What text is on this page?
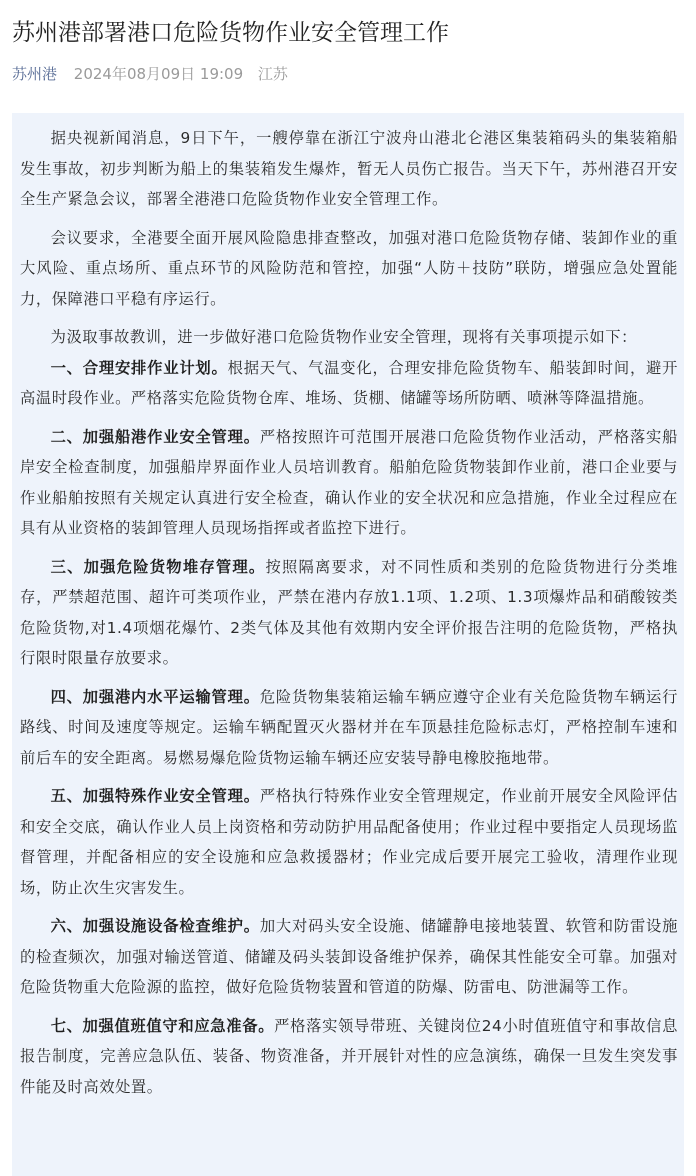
苏州港部署港口危险货物作业安全管理工作
苏州港 2024年08月09日 19:09 江苏

据央视新闻消息，9日下午，一艘停靠在浙江宁波舟山港北仑港区集装箱码头的集装箱船发生事故，初步判断为船上的集装箱发生爆炸，暂无人员伤亡报告。当天下午，苏州港召开安全生产紧急会议，部署全港港口危险货物作业安全管理工作。

会议要求，全港要全面开展风险隐患排查整改，加强对港口危险货物存储、装卸作业的重大风险、重点场所、重点环节的风险防范和管控，加强“人防＋技防”联防，增强应急处置能力，保障港口平稳有序运行。

为汲取事故教训，进一步做好港口危险货物作业安全管理，现将有关事项提示如下：

一、合理安排作业计划。根据天气、气温变化，合理安排危险货物车、船装卸时间，避开高温时段作业。严格落实危险货物仓库、堆场、货棚、储罐等场所防晒、喷淋等降温措施。

二、加强船港作业安全管理。严格按照许可范围开展港口危险货物作业活动，严格落实船岸安全检查制度，加强船岸界面作业人员培训教育。船舶危险货物装卸作业前，港口企业要与作业船舶按照有关规定认真进行安全检查，确认作业的安全状况和应急措施，作业全过程应在具有从业资格的装卸管理人员现场指挥或者监控下进行。

三、加强危险货物堆存管理。按照隔离要求，对不同性质和类别的危险货物进行分类堆存，严禁超范围、超许可类项作业，严禁在港内存放1.1项、1.2项、1.3项爆炸品和硝酸铵类危险货物,对1.4项烟花爆竹、2类气体及其他有效期内安全评价报告注明的危险货物，严格执行限时限量存放要求。

四、加强港内水平运输管理。危险货物集装箱运输车辆应遵守企业有关危险货物车辆运行路线、时间及速度等规定。运输车辆配置灭火器材并在车顶悬挂危险标志灯，严格控制车速和前后车的安全距离。易燃易爆危险货物运输车辆还应安装导静电橡胶拖地带。

五、加强特殊作业安全管理。严格执行特殊作业安全管理规定，作业前开展安全风险评估和安全交底，确认作业人员上岗资格和劳动防护用品配备使用；作业过程中要指定人员现场监督管理，并配备相应的安全设施和应急救援器材；作业完成后要开展完工验收，清理作业现场，防止次生灾害发生。

六、加强设施设备检查维护。加大对码头安全设施、储罐静电接地装置、软管和防雷设施的检查频次，加强对输送管道、储罐及码头装卸设备维护保养，确保其性能安全可靠。加强对危险货物重大危险源的监控，做好危险货物装置和管道的防爆、防雷电、防泄漏等工作。

七、加强值班值守和应急准备。严格落实领导带班、关键岗位24小时值班值守和事故信息报告制度，完善应急队伍、装备、物资准备，并开展针对性的应急演练，确保一旦发生突发事件能及时高效处置。
